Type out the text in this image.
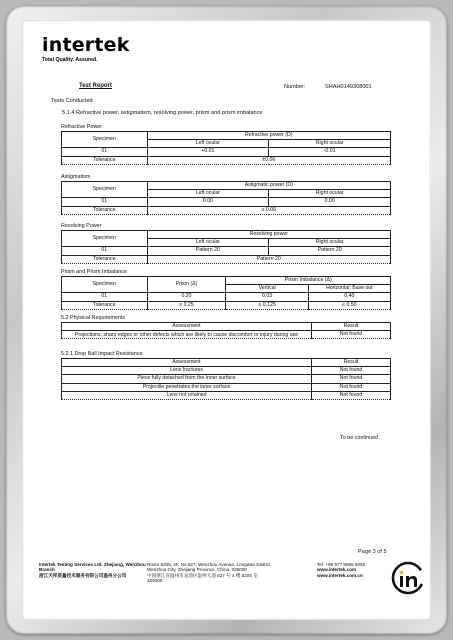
intertek
Total Quality. Assured.
Test Report	Number:	SHAH0149308001
Tests Conducted
5.1.4 Refractive power, astigmatism, resolving power, prism and prism imbalance
Refractive Power
Specimen	Refractive power (D)	
	Left ocular	Right ocular
01	+0.01	-0.01
Tolerance	±0.06	
Astigmatism
Specimen	Astigmatic power (D)	
	Left ocular	Right ocular
01	0.00	0.00
Tolerance	≤ 0.06	
Resolving Power
Specimen	Resolving power	
	Left ocular	Right ocular
01	Pattern 20	Pattern 20
Tolerance	Pattern 20	
Prism and Prism Imbalance
Specimen	Prism (Δ)	Prism Imbalance (Δ)	
		Vertical	Horizontal; Base out
01	0.20	0.03	0.40
Tolerance	≤ 0.25	≤ 0.125	≤ 0.50
5.2 Physical Requirements
Assessment	Result
Projections, sharp edges or other defects which are likely to cause discomfort or injury during use	Not found
5.2.1 Drop Ball Impact Resistance
Assessment	Result
Lens fractures	Not found
Piece fully detached from the inner surface	Not found
Projectile penetrates the inner surface	Not found
Lens not retained	Not found
To be continued
Page 3 of 5
Intertek Testing Services Ltd. Zhejiang, Wenzhou Branch
浙江天祥质量技术服务有限公司温州分公司
Room 8205, 4F, No.827, Wenzhou Avenue, Longwan District, Wenzhou City, Zhejiang Province, China. 325000
中国浙江省温州市龙湾区温州大道 827 号 4 楼 8205 室
325000
Tel: +86 577 8555 6055
www.intertek.com
www.intertek.com.cn
